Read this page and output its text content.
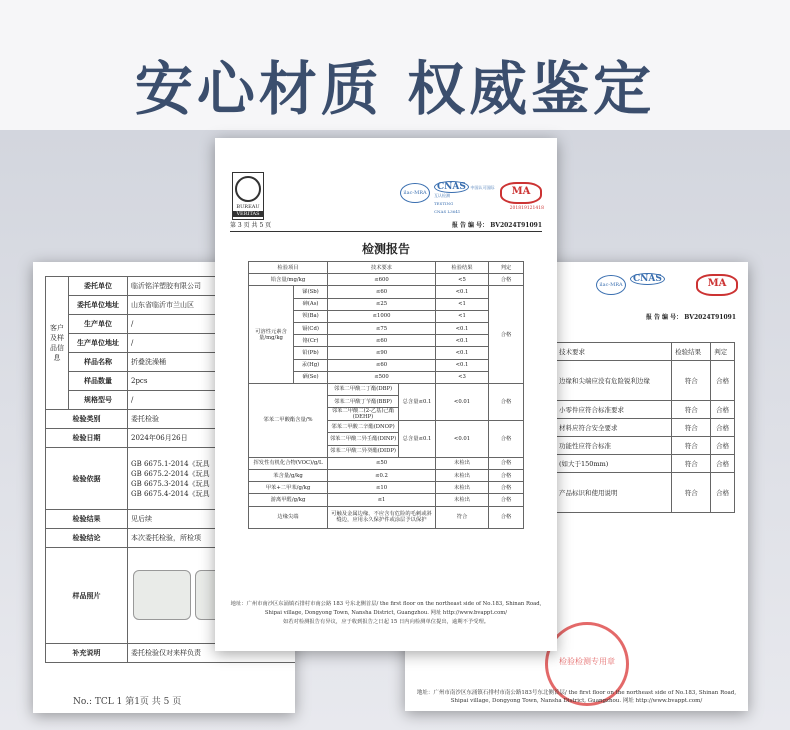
安心材质 权威鉴定
客户及样品信息	委托单位	临沂铭洋塑胶有限公司
	委托单位地址	山东省临沂市兰山区
	生产单位	/
	生产单位地址	/
	样品名称	折叠洗澡桶
	样品数量	2pcs
	规格型号	/
检验类别		委托检验
检验日期		2024年06月26日
检验依据		GB 6675.1-2014《玩具
GB 6675.2-2014《玩具
GB 6675.3-2014《玩具
GB 6675.4-2014《玩具
检验结果		见后续
检验结论		本次委托检验，所检项
样品照片		
补充说明		委托检验仅对来样负责
No.: TCL 1 第1页 共 5 页
ilac-MRA
CNAS	MA
报 告 编 号： BV2024T91091
技术要求	检验结果	判定
边缘和尖端应没有危险锐利边缘	符合	合格
小零件应符合标准要求	符合	合格
材料应符合安全要求	符合	合格
功能性应符合标准	符合	合格
(如大于150mm)	符合	合格
产品标识和使用说明	符合	合格
检验检测专用章
地址：广州市南沙区东涌镇石排村市南公路183号东北侧首层/ the first floor on the northeast side of No.183, Shinan Road, Shipai village, Dongyong Town, Nansha District, Guangzhou. 网址 http://www.bvappt.com/
BUREAU
VERITAS
ilac-MRA
CNAS 中国认可国际互认检测
TESTING
CNAS L3641
MA
201819121418
第 3 页 共 5 页	报 告 编 号： BV2024T91091
检测报告
检验项目		技术要求		检验结果	判定
铅含量/mg/kg		≤600		<5	合格
可溶性元素含量/mg/kg	锑(Sb)	≤60		<0.1	合格
	砷(As)	≤25		<1	
	钡(Ba)	≤1000		<1	
	镉(Cd)	≤75		<0.1	
	铬(Cr)	≤60		<0.1	
	铅(Pb)	≤90		<0.1	
	汞(Hg)	≤60		<0.1	
	硒(Se)	≤500		<3	
邻苯二甲酸酯含量/%		邻苯二甲酸二丁酯(DBP)	总含量≤0.1	<0.01	合格
		邻苯二甲酸丁苄酯(BBP)			
		邻苯二甲酸二(2-乙基)己酯(DEHP)			
		邻苯二甲酸二辛酯(DNOP)	总含量≤0.1	<0.01	合格
		邻苯二甲酸二异壬酯(DINP)			
		邻苯二甲酸二异癸酯(DIDP)			
挥发性有机化合物(VOC)/g/L		≤50		未检出	合格
苯含量/g/kg		≤0.2		未检出	合格
甲苯+二甲苯/g/kg		≤10		未检出	合格
游离甲醛/g/kg		≤1		未检出	合格
边缘尖端		可触及金属边缘，不应含有危险的毛刺或斜缝边，应用永久保护件或涂层予以保护		符合	合格
地址：广州市南沙区东涌镇石排村市南公路 183 号东北侧首层/ the first floor on the northeast side of No.183, Shinan Road, Shipai village, Dongyong Town, Nansha District, Guangzhou. 网址 http://www.bvappt.com/
如若对检测报告有异议，应于收到报告之日起 15 日内向检测单位提出，逾期不予受理。
